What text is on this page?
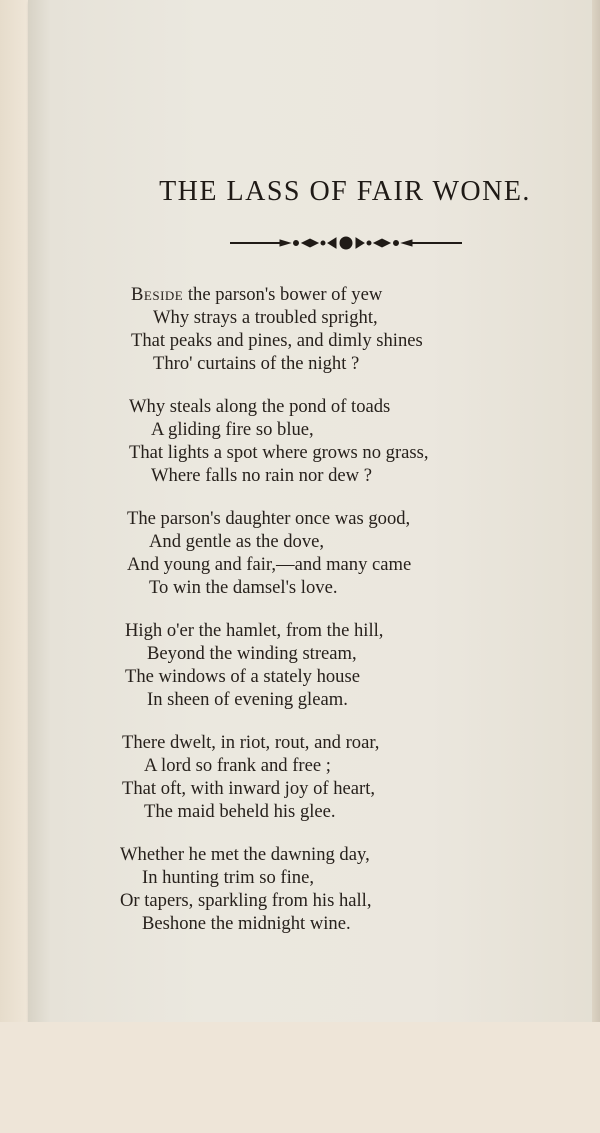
THE LASS OF FAIR WONE.
Beside the parson's bower of yew
Why strays a troubled spright,
That peaks and pines, and dimly shines
Thro' curtains of the night ?
Why steals along the pond of toads
A gliding fire so blue,
That lights a spot where grows no grass,
Where falls no rain nor dew ?
The parson's daughter once was good,
And gentle as the dove,
And young and fair,—and many came
To win the damsel's love.
High o'er the hamlet, from the hill,
Beyond the winding stream,
The windows of a stately house
In sheen of evening gleam.
There dwelt, in riot, rout, and roar,
A lord so frank and free ;
That oft, with inward joy of heart,
The maid beheld his glee.
Whether he met the dawning day,
In hunting trim so fine,
Or tapers, sparkling from his hall,
Beshone the midnight wine.
